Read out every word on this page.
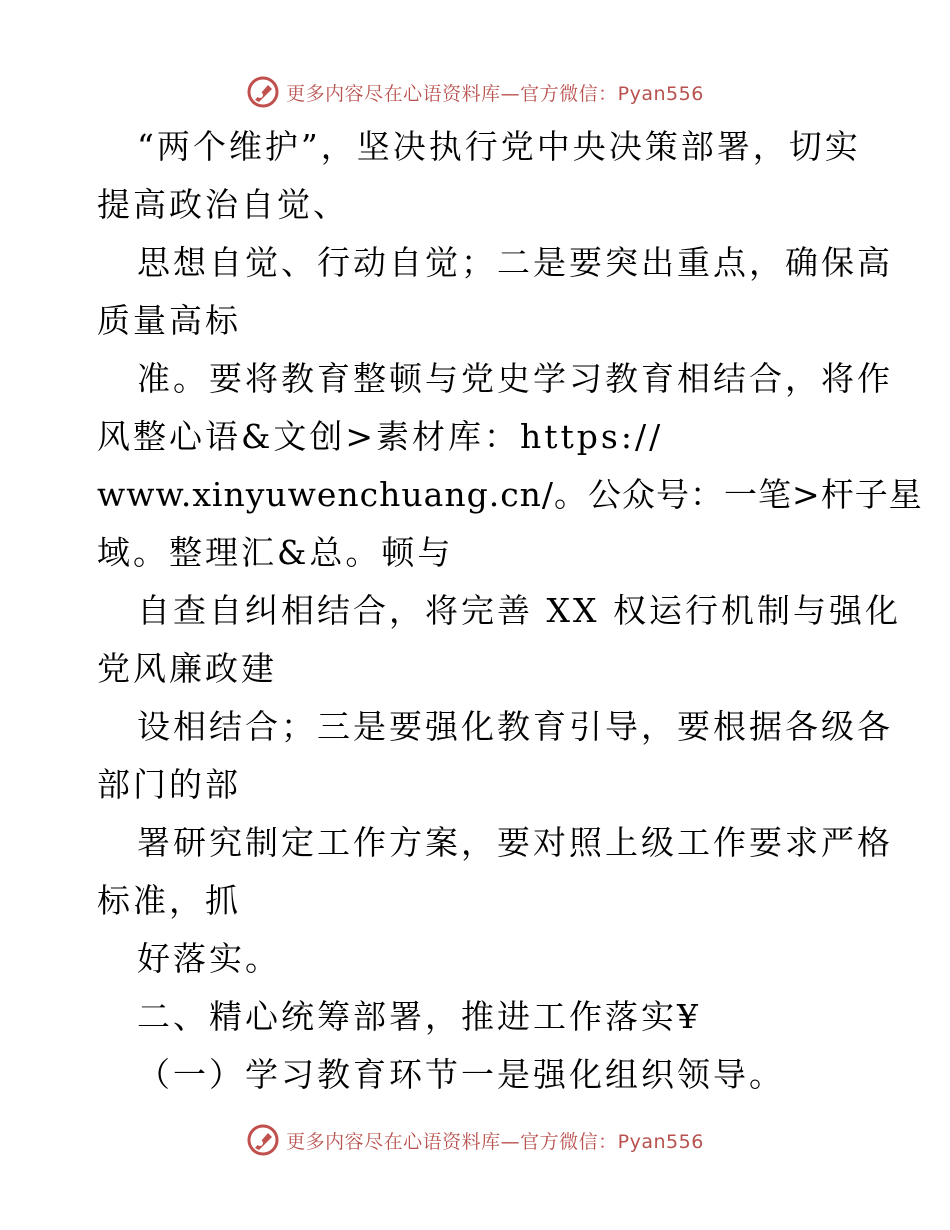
更多内容尽在心语资料库—官方微信：Pyan556
“两个维护”，坚决执行党中央决策部署，切实
提高政治自觉、
思想自觉、行动自觉；二是要突出重点，确保高
质量高标
准。要将教育整顿与党史学习教育相结合，将作
风整心语&文创>素材库：https://
www.xinyuwenchuang.cn/。公众号：一笔>杆子星
域。整理汇&总。顿与
自查自纠相结合，将完善 XX 权运行机制与强化
党风廉政建
设相结合；三是要强化教育引导，要根据各级各
部门的部
署研究制定工作方案，要对照上级工作要求严格
标准，抓
好落实。
二、精心统筹部署，推进工作落实¥
（一）学习教育环节一是强化组织领导。
更多内容尽在心语资料库—官方微信：Pyan556
